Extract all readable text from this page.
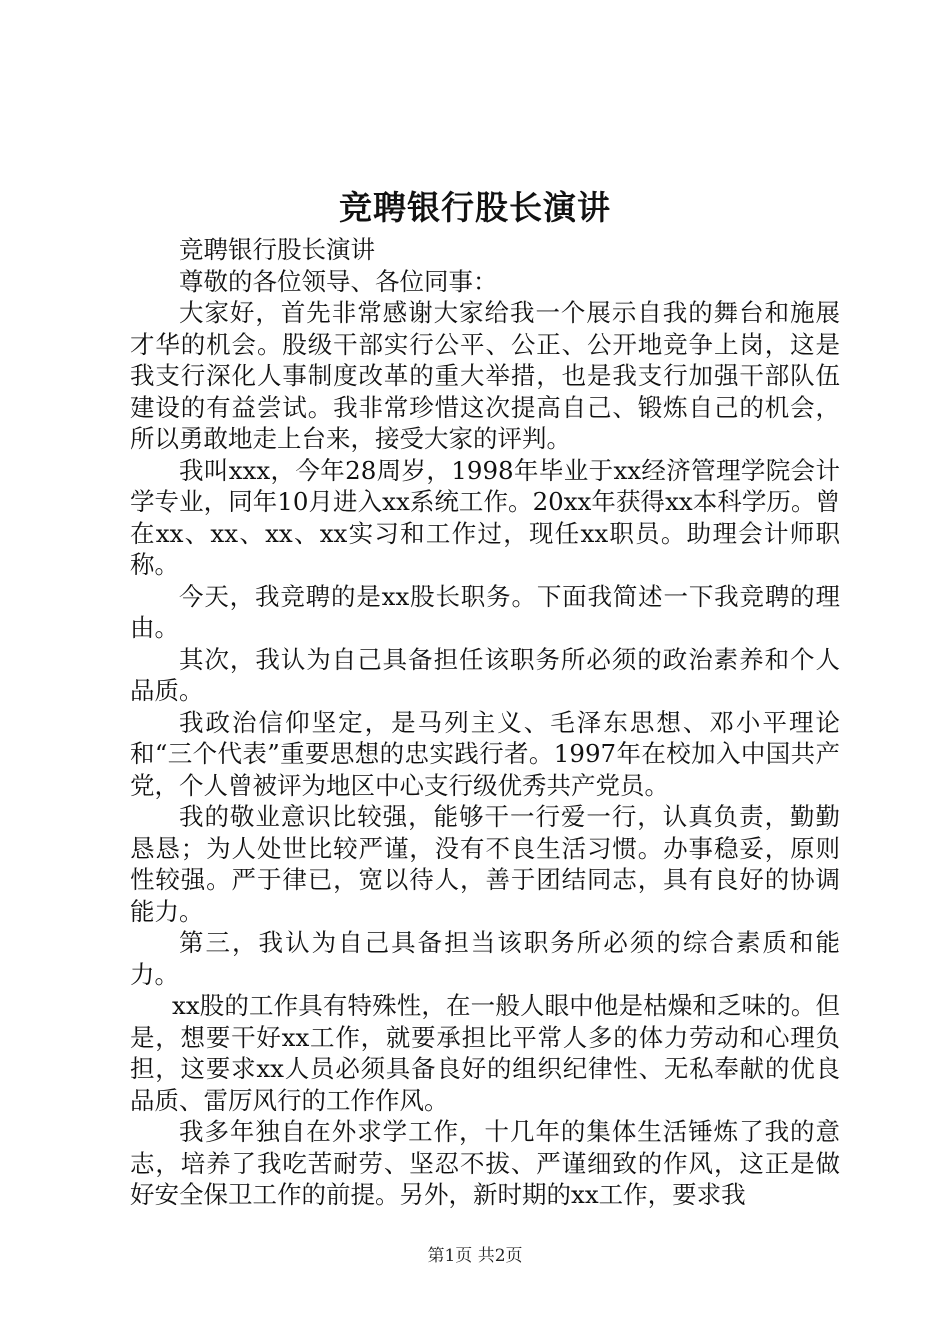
竞聘银行股长演讲

竞聘银行股长演讲

尊敬的各位领导、各位同事：

大家好，首先非常感谢大家给我一个展示自我的舞台和施展才华的机会。股级干部实行公平、公正、公开地竞争上岗，这是我支行深化人事制度改革的重大举措，也是我支行加强干部队伍建设的有益尝试。我非常珍惜这次提高自己、锻炼自己的机会，所以勇敢地走上台来，接受大家的评判。

我叫xxx，今年28周岁，1998年毕业于xx经济管理学院会计学专业，同年10月进入xx系统工作。20xx年获得xx本科学历。曾在xx、xx、xx、xx实习和工作过，现任xx职员。助理会计师职称。

今天，我竞聘的是xx股长职务。下面我简述一下我竞聘的理由。

其次，我认为自己具备担任该职务所必须的政治素养和个人品质。

我政治信仰坚定，是马列主义、毛泽东思想、邓小平理论和“三个代表”重要思想的忠实践行者。1997年在校加入中国共产党，个人曾被评为地区中心支行级优秀共产党员。

我的敬业意识比较强，能够干一行爱一行，认真负责，勤勤恳恳；为人处世比较严谨，没有不良生活习惯。办事稳妥，原则性较强。严于律已，宽以待人，善于团结同志，具有良好的协调能力。

第三，我认为自己具备担当该职务所必须的综合素质和能力。

xx股的工作具有特殊性，在一般人眼中他是枯燥和乏味的。但是，想要干好xx工作，就要承担比平常人多的体力劳动和心理负担，这要求xx人员必须具备良好的组织纪律性、无私奉献的优良品质、雷厉风行的工作作风。

我多年独自在外求学工作，十几年的集体生活锤炼了我的意志，培养了我吃苦耐劳、坚忍不拔、严谨细致的作风，这正是做好安全保卫工作的前提。另外，新时期的xx工作，要求我

第1页 共2页
